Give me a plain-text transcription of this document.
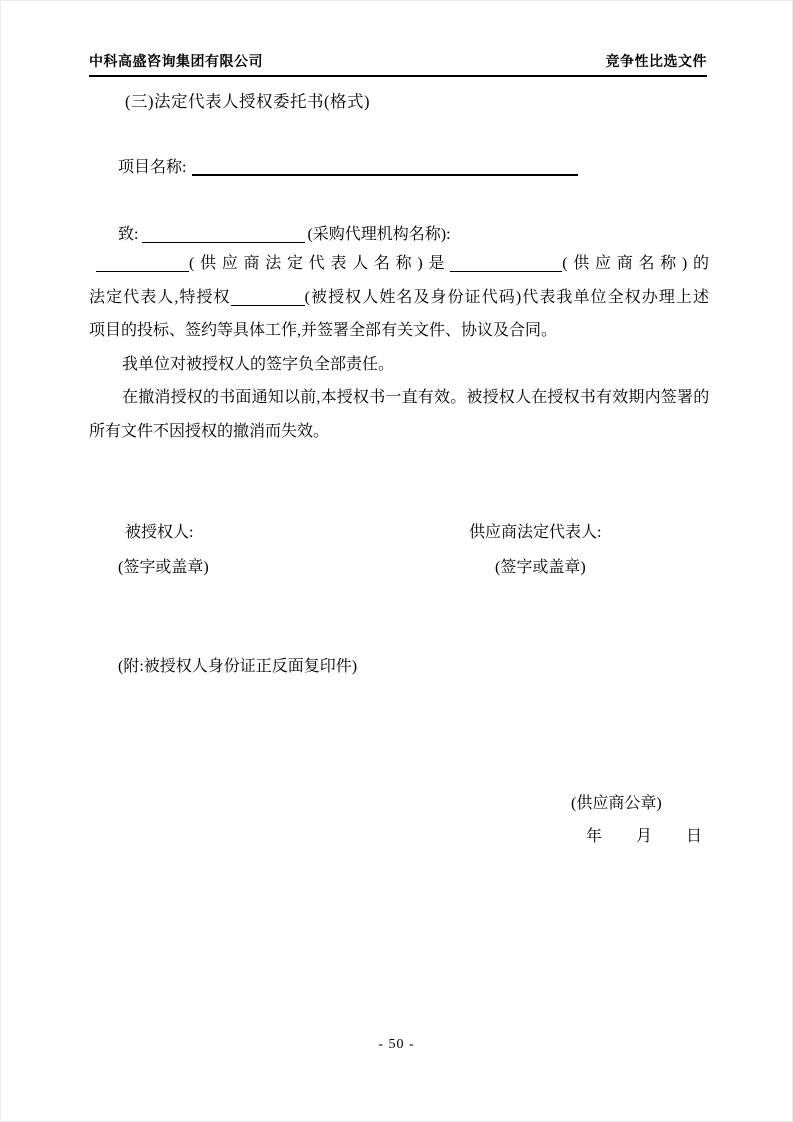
中科高盛咨询集团有限公司	竞争性比选文件
(三)法定代表人授权委托书(格式)
项目名称:
致:	(采购代理机构名称):
(供应商法定代表人名称)是	(供应商名称)的
法定代表人,特授权	(被授权人姓名及身份证代码)代表我单位全权办理上述
项目的投标、签约等具体工作,并签署全部有关文件、协议及合同。
我单位对被授权人的签字负全部责任。
在撤消授权的书面通知以前,本授权书一直有效。被授权人在授权书有效期内签署的
所有文件不因授权的撤消而失效。
被授权人:	供应商法定代表人:
(签字或盖章)	(签字或盖章)
(附:被授权人身份证正反面复印件)
(供应商公章)
年 月 日
- 50 -
